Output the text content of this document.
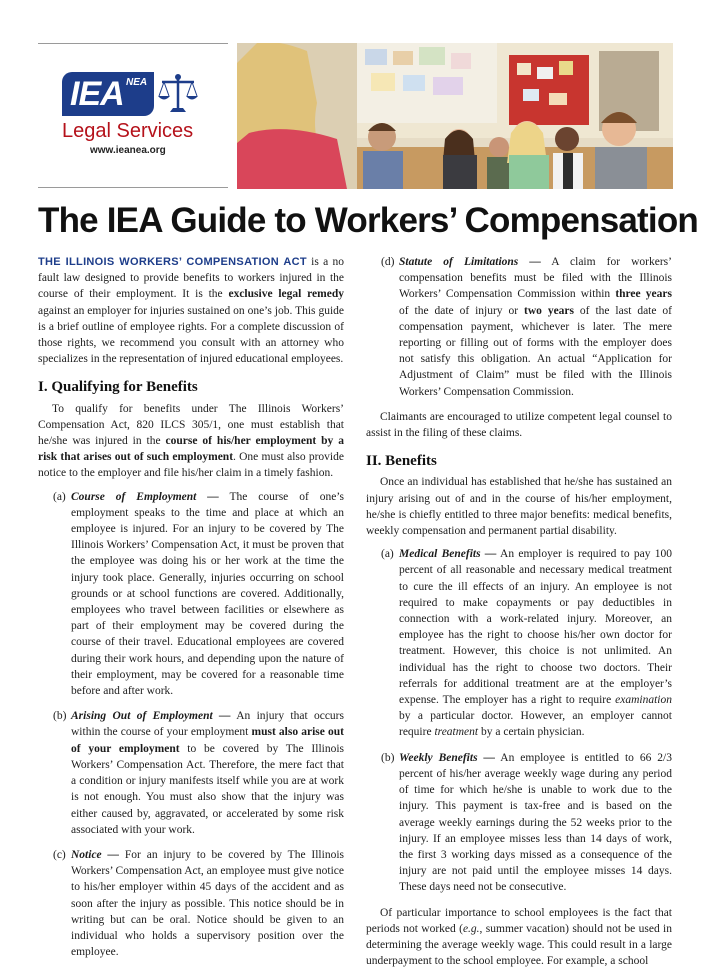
IEA NEA
Legal Services
www.ieanea.org
The IEA Guide to Workers’ Compensation

THE ILLINOIS WORKERS’ COMPENSATION ACT is a no fault law designed to provide benefits to workers injured in the course of their employment. It is the exclusive legal remedy against an employer for injuries sustained on one’s job. This guide is a brief outline of employee rights. For a complete discussion of those rights, we recommend you consult with an attorney who specializes in the representation of injured educational employees.

I. Qualifying for Benefits

To qualify for benefits under The Illinois Workers’ Compensation Act, 820 ILCS 305/1, one must establish that he/she was injured in the course of his/her employment by a risk that arises out of such employment. One must also provide notice to the employer and file his/her claim in a timely fashion.

(a) Course of Employment — The course of one’s employment speaks to the time and place at which an employee is injured. For an injury to be covered by The Illinois Workers’ Compensation Act, it must be proven that the employee was doing his or her work at the time the injury took place. Generally, injuries occurring on school grounds or at school functions are covered. Additionally, employees who travel between facilities or elsewhere as part of their employment may be covered during the course of their travel. Educational employees are covered during their work hours, and depending upon the nature of their employment, may be covered for a reasonable time before and after work.
(b) Arising Out of Employment — An injury that occurs within the course of your employment must also arise out of your employment to be covered by The Illinois Workers’ Compensation Act. Therefore, the mere fact that a condition or injury manifests itself while you are at work is not enough. You must also show that the injury was either caused by, aggravated, or accelerated by some risk associated with your work.
(c) Notice — For an injury to be covered by The Illinois Workers’ Compensation Act, an employee must give notice to his/her employer within 45 days of the accident and as soon after the injury as possible. This notice should be in writing but can be oral. Notice should be given to an individual who holds a supervisory position over the employee.
(d) Statute of Limitations — A claim for workers’ compensation benefits must be filed with the Illinois Workers’ Compensation Commission within three years of the date of injury or two years of the last date of compensation payment, whichever is later. The mere reporting or filling out of forms with the employer does not satisfy this obligation. An actual “Application for Adjustment of Claim” must be filed with the Illinois Workers’ Compensation Commission.

Claimants are encouraged to utilize competent legal counsel to assist in the filing of these claims.

II. Benefits

Once an individual has established that he/she has sustained an injury arising out of and in the course of his/her employment, he/she is chiefly entitled to three major benefits: medical benefits, weekly compensation and permanent partial disability.

(a) Medical Benefits — An employer is required to pay 100 percent of all reasonable and necessary medical treatment to cure the ill effects of an injury. An employee is not required to make copayments or pay deductibles in connection with a work-related injury. Moreover, an employee has the right to choose his/her own doctor for treatment. However, this choice is not unlimited. An individual has the right to choose two doctors. Their referrals for additional treatment are at the employer’s expense. The employer has a right to require examination by a particular doctor. However, an employer cannot require treatment by a certain physician.
(b) Weekly Benefits — An employee is entitled to 66 2/3 percent of his/her average weekly wage during any period of time for which he/she is unable to work due to the injury. This payment is tax-free and is based on the average weekly earnings during the 52 weeks prior to the injury. If an employee misses less than 14 days of work, the first 3 working days missed as a consequence of the injury are not paid until the employee misses 14 days. These days need not be consecutive.

Of particular importance to school employees is the fact that periods not worked (e.g., summer vacation) should not be used in determining the average weekly wage. This could result in a large underpayment to the school employee. For example, a school
